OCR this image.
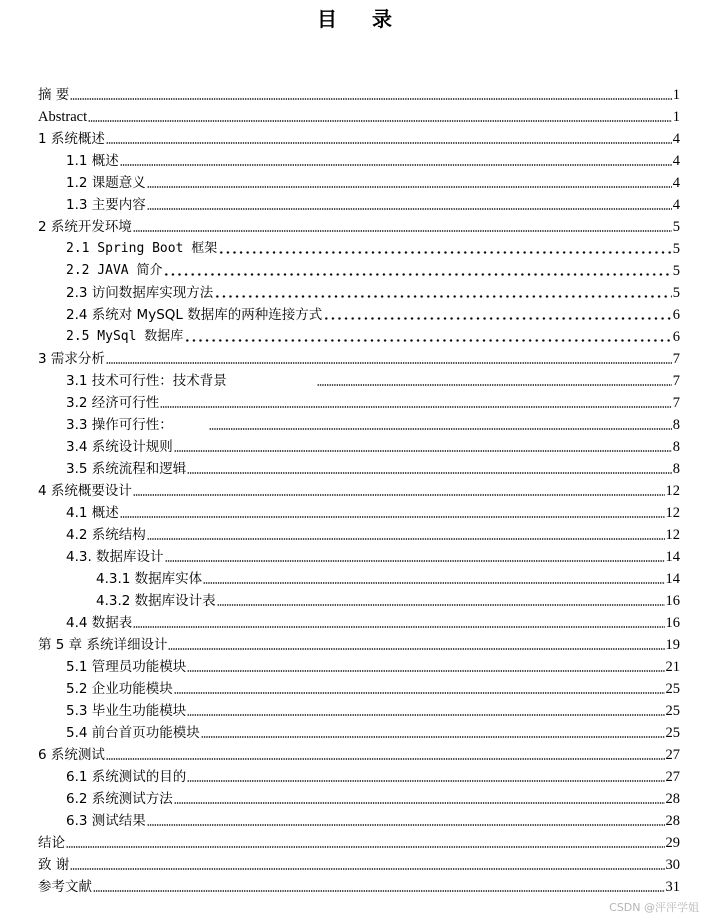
目 录
摘 要	1
Abstract	1
1 系统概述	4
1.1 概述	4
1.2 课题意义	4
1.3 主要内容	4
2 系统开发环境	5
2.1 Spring Boot 框架	5
2.2 JAVA 简介	5
2.3 访问数据库实现方法	5
2.4 系统对 MySQL 数据库的两种连接方式	6
2.5 MySql 数据库	6
3 需求分析	7
3.1 技术可行性：技术背景	7
3.2 经济可行性	7
3.3 操作可行性：	8
3.4 系统设计规则	8
3.5 系统流程和逻辑	8
4 系统概要设计	12
4.1 概述	12
4.2 系统结构	12
4.3. 数据库设计	14
4.3.1 数据库实体	14
4.3.2 数据库设计表	16
4.4 数据表	16
第 5 章 系统详细设计	19
5.1 管理员功能模块	21
5.2 企业功能模块	25
5.3 毕业生功能模块	25
5.4 前台首页功能模块	25
6 系统测试	27
6.1 系统测试的目的	27
6.2 系统测试方法	28
6.3 测试结果	28
结论	29
致 谢	30
参考文献	31
CSDN @泙泙学姐
